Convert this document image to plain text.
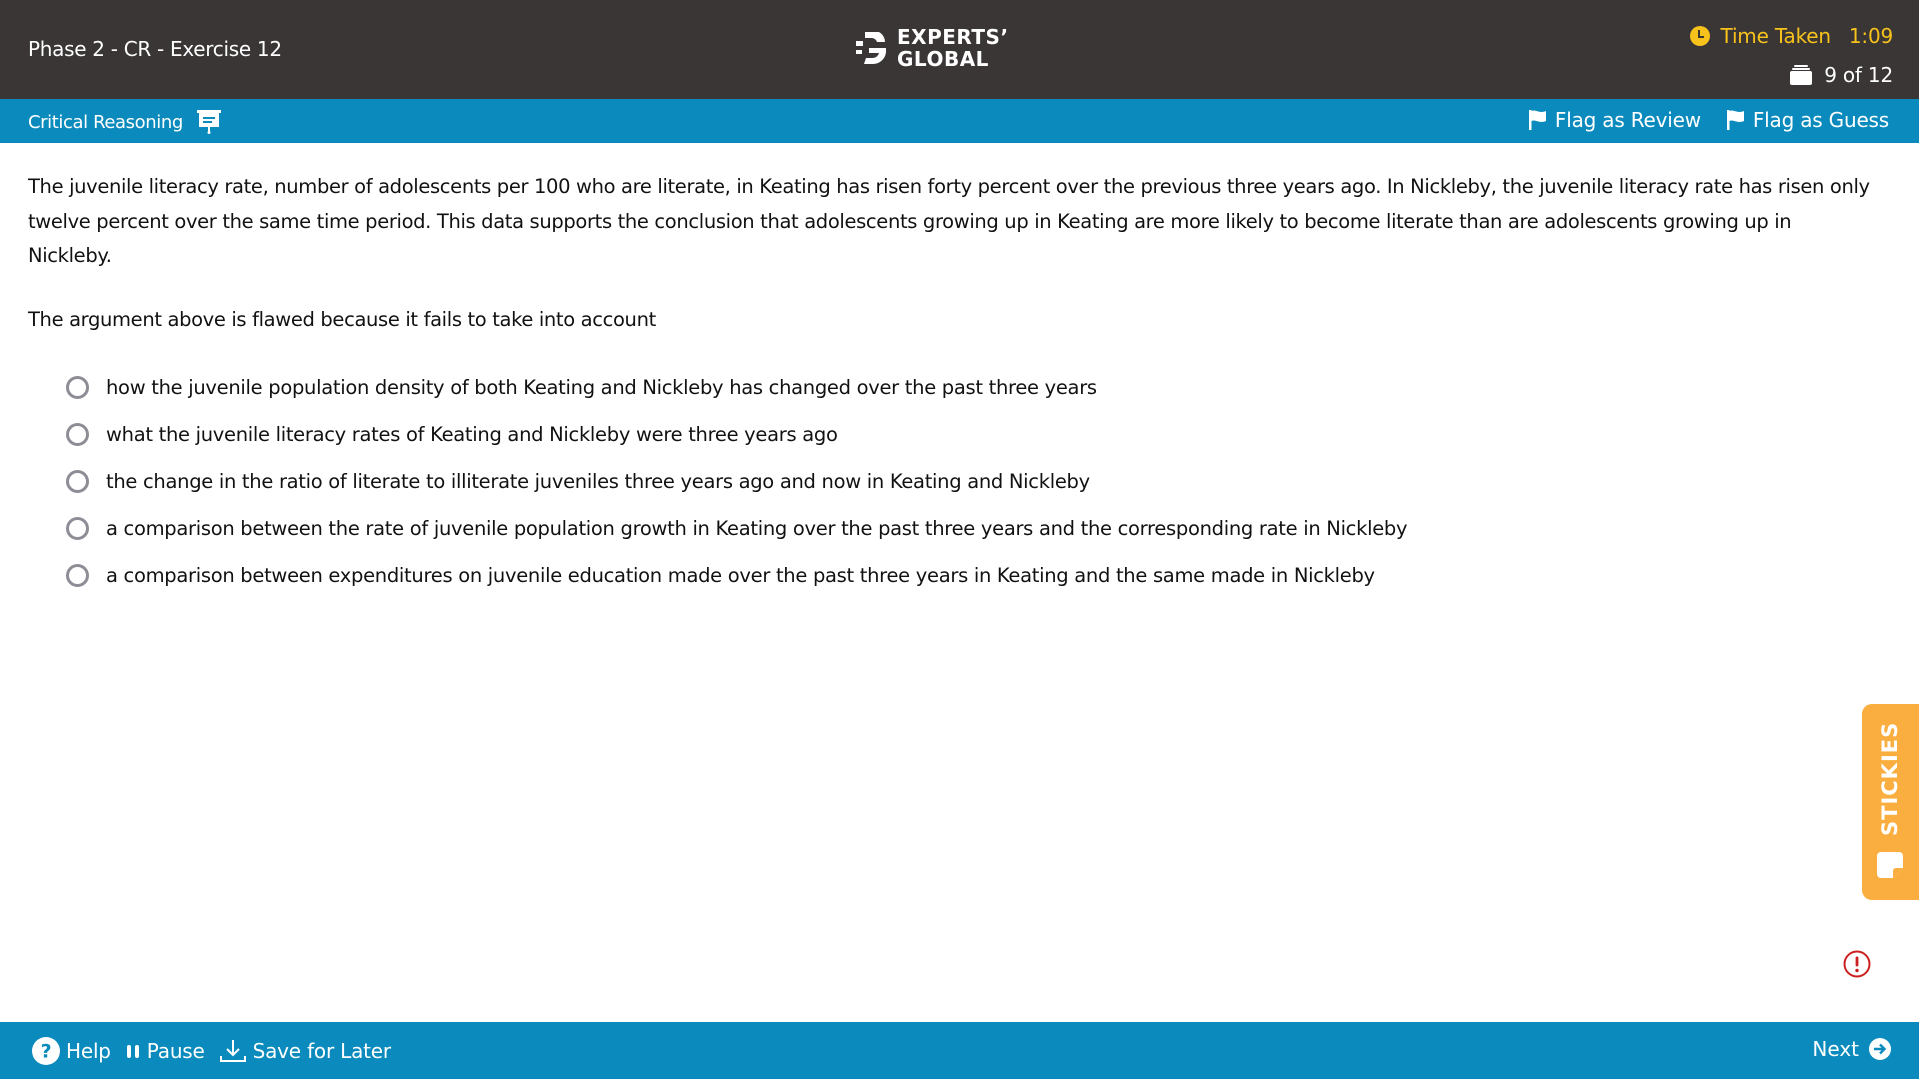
Phase 2 - CR - Exercise 12	EXPERTS’
GLOBAL
Time Taken 1:09
9 of 12
Critical Reasoning	Flag as Review	Flag as Guess

The juvenile literacy rate, number of adolescents per 100 who are literate, in Keating has risen forty percent over the previous three years ago. In Nickleby, the juvenile literacy rate has risen only twelve percent over the same time period. This data supports the conclusion that adolescents growing up in Keating are more likely to become literate than are adolescents growing up in Nickleby.

The argument above is flawed because it fails to take into account

how the juvenile population density of both Keating and Nickleby has changed over the past three years
what the juvenile literacy rates of Keating and Nickleby were three years ago
the change in the ratio of literate to illiterate juveniles three years ago and now in Keating and Nickleby
a comparison between the rate of juvenile population growth in Keating over the past three years and the corresponding rate in Nickleby
a comparison between expenditures on juvenile education made over the past three years in Keating and the same made in Nickleby
STICKIES
? Help Pause Save for Later	Next
